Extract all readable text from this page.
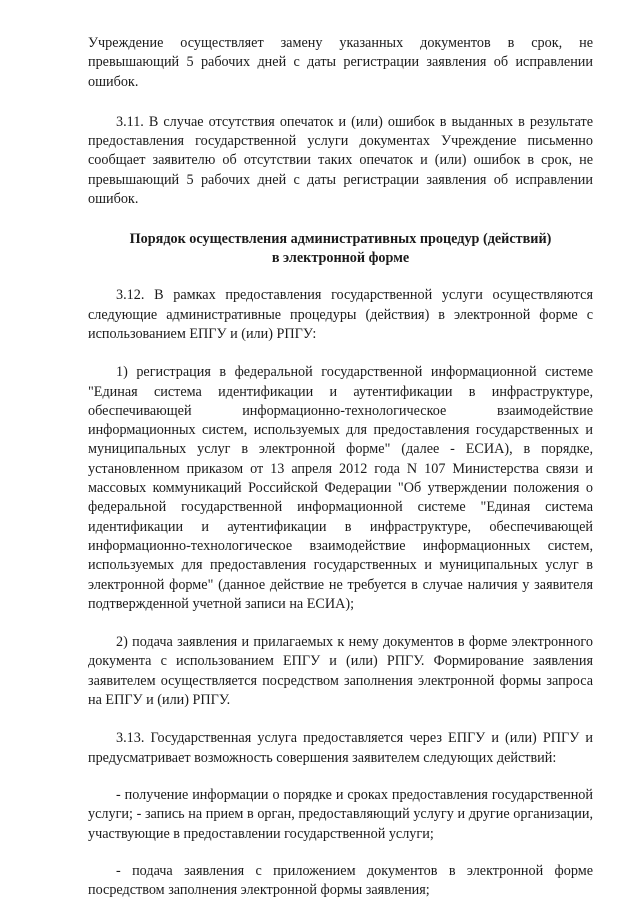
Учреждение осуществляет замену указанных документов в срок, не превышающий 5 рабочих дней с даты регистрации заявления об исправлении ошибок.

3.11. В случае отсутствия опечаток и (или) ошибок в выданных в результате предоставления государственной услуги документах Учреждение письменно сообщает заявителю об отсутствии таких опечаток и (или) ошибок в срок, не превышающий 5 рабочих дней с даты регистрации заявления об исправлении ошибок.

Порядок осуществления административных процедур (действий)

в электронной форме

3.12. В рамках предоставления государственной услуги осуществляются следующие административные процедуры (действия) в электронной форме с использованием ЕПГУ и (или) РПГУ:

1) регистрация в федеральной государственной информационной системе "Единая система идентификации и аутентификации в инфраструктуре, обеспечивающей информационно-технологическое взаимодействие информационных систем, используемых для предоставления государственных и муниципальных услуг в электронной форме" (далее - ЕСИА), в порядке, установленном приказом от 13 апреля 2012 года N 107 Министерства связи и массовых коммуникаций Российской Федерации "Об утверждении положения о федеральной государственной информационной системе "Единая система идентификации и аутентификации в инфраструктуре, обеспечивающей информационно-технологическое взаимодействие информационных систем, используемых для предоставления государственных и муниципальных услуг в электронной форме" (данное действие не требуется в случае наличия у заявителя подтвержденной учетной записи на ЕСИА);

2) подача заявления и прилагаемых к нему документов в форме электронного документа с использованием ЕПГУ и (или) РПГУ. Формирование заявления заявителем осуществляется посредством заполнения электронной формы запроса на ЕПГУ и (или) РПГУ.

3.13. Государственная услуга предоставляется через ЕПГУ и (или) РПГУ и предусматривает возможность совершения заявителем следующих действий:

- получение информации о порядке и сроках предоставления государственной услуги; - запись на прием в орган, предоставляющий услугу и другие организации, участвующие в предоставлении государственной услуги;

- подача заявления с приложением документов в электронной форме посредством заполнения электронной формы заявления;
